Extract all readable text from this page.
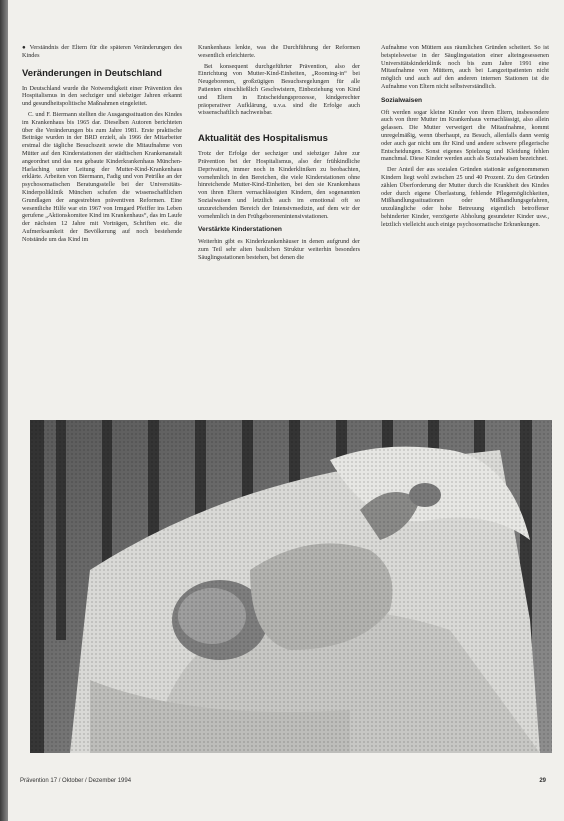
● Verständnis der Eltern für die späteren Veränderungen des Kindes
Veränderungen in Deutschland

In Deutschland wurde die Notwendigkeit einer Prävention des Hospitalismus in den sechziger und siebziger Jahren erkannt und gesundheitspolitische Maßnahmen eingeleitet.

C. und F. Biermann stellten die Ausgangssituation des Kindes im Krankenhaus bis 1965 dar. Dieselben Autoren berichteten über die Veränderungen bis zum Jahre 1981. Erste praktische Beiträge wurden in der BRD erzielt, als 1966 der Mitarbeiter erstmal die tägliche Besuchszeit sowie die Mitaufnahme von Mütter auf den Kinderstationen der städtischen Krankenanstalt angeordnet und das neu gebaute Kinderkrankenhaus München-Harlaching unter Leitung der Mutter-Kind-Krankenhaus erklärte. Arbeiten von Biermann, Fadig und von Petrilke an der psychosomatischen Beratungsstelle bei der Universitäts-Kinderpoliklinik München schufen die wissenschaftlichen Grundlagen der angestrebten präventiven Reformen. Eine wesentliche Hilfe war ein 1967 von Irmgard Pfeiffer ins Leben gerufene „Aktionskomitee Kind im Krankenhaus“, das im Laufe der nächsten 12 Jahre mit Vorträgen, Schriften etc. die Aufmerksamkeit der Bevölkerung auf noch bestehende Notstände um das Kind im

Krankenhaus lenkte, was die Durchführung der Reformen wesentlich erleichterte.

Bei konsequent durchgeführter Prävention, also der Einrichtung von Mutter-Kind-Einheiten, „Rooming-in“ bei Neugeborenen, großzügigen Besuchsregelungen für alle Patienten einschließlich Geschwistern, Einbeziehung von Kind und Eltern in Entscheidungsprozesse, kindgerechter präoperativer Aufklärung, u.v.a. sind die Erfolge auch wissenschaftlich nachweisbar.

Aktualität des Hospitalismus

Trotz der Erfolge der sechziger und siebziger Jahre zur Prävention bei der Hospitalismus, also der frühkindliche Deprivation, immer noch in Kinderkliniken zu beobachten, vornehmlich in den Bereichen, die viele Kinderstationen ohne hinreichende Mutter-Kind-Einheiten, bei den sie Krankenhaus von ihren Eltern vernachlässigten Kindern, den sogenannten Sozialwaisen und letztlich auch im emotional oft so unzureichenden Bereich der Intensivmedizin, auf dem wir der vornehmlich in den Frühgeborenenintensivstationen.

Verstärkte Kinderstationen

Weiterhin gibt es Kinderkrankenhäuser in denen aufgrund der zum Teil sehr alten baulichen Struktur weiterhin besonders Säuglingsstationen bestehen, bei denen die

Aufnahme von Müttern aus räumlichen Gründen scheitert. So ist beispielsweise in der Säuglingsstation einer alteingesessenen Universitätskinderklinik noch bis zum Jahre 1991 eine Mitaufnahme von Müttern, auch bei Langzeitpatienten nicht möglich und auch auf den anderen internen Stationen ist die Aufnahme von Eltern nicht selbstverständlich.

Sozialwaisen

Oft werden sogar kleine Kinder von ihren Eltern, insbesondere auch von ihrer Mutter im Krankenhaus vernachlässigt, also allein gelassen. Die Mutter verweigert die Mitaufnahme, kommt unregelmäßig, wenn überhaupt, zu Besuch, allenfalls dann wenig oder auch gar nicht um ihr Kind und andere schwere pflegerische Entscheidungen. Sonst eigenes Spielzeug und Kleidung fehlen manchmal. Diese Kinder werden auch als Sozialwaisen bezeichnet.

Der Anteil der aus sozialen Gründen stationär aufgenommenen Kindern liegt wohl zwischen 25 und 40 Prozent. Zu den Gründen zählen Überforderung der Mutter durch die Krankheit des Kindes oder durch eigene Überlastung, fehlende Pflegemöglichkeiten, Mißhandlungssituationen oder Mißhandlungsgefahren, unzulängliche oder hohe Betreuung eigentlich betroffener behinderter Kinder, verzögerte Abholung gesundeter Kinder usw., letztlich vielleicht auch einige psychosomatische Erkrankungen.

Prävention 17 / Oktober / Dezember 1994	29
